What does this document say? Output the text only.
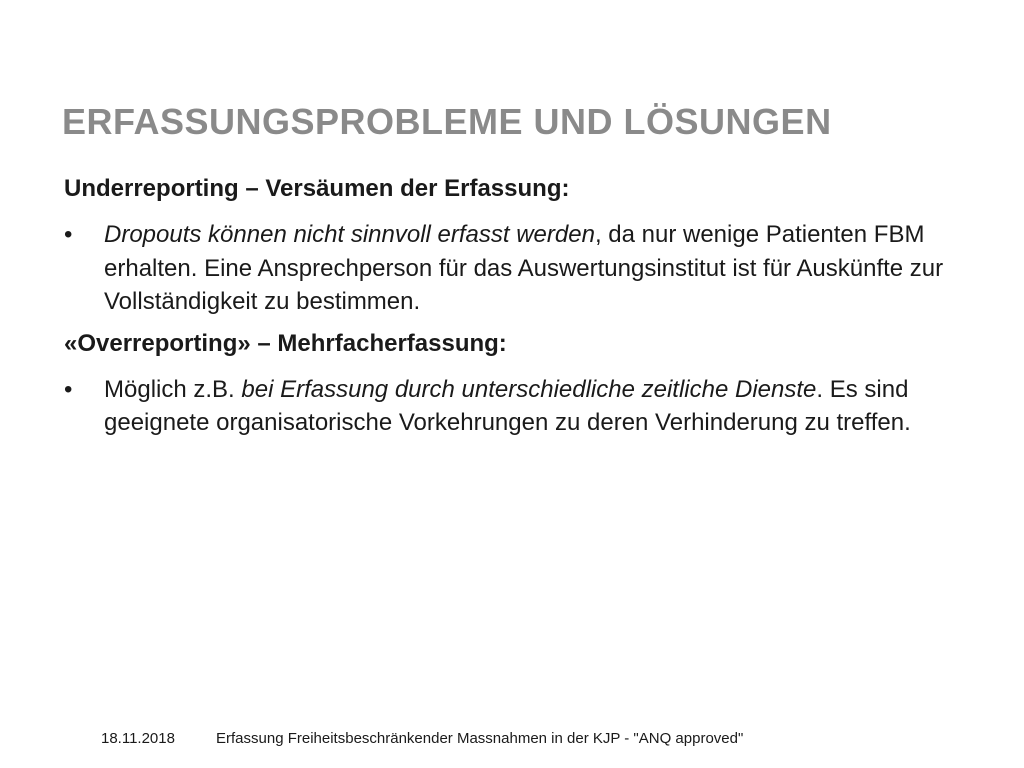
ERFASSUNGSPROBLEME UND LÖSUNGEN
Underreporting – Versäumen der Erfassung:

• Dropouts können nicht sinnvoll erfasst werden, da nur wenige Patienten FBM erhalten. Eine Ansprechperson für das Auswertungsinstitut ist für Auskünfte zur Vollständigkeit zu bestimmen.

«Overreporting» – Mehrfacherfassung:

• Möglich z.B. bei Erfassung durch unterschiedliche zeitliche Dienste. Es sind geeignete organisatorische Vorkehrungen zu deren Verhinderung zu treffen.

18.11.2018	Erfassung Freiheitsbeschränkender Massnahmen in der KJP - "ANQ approved"
